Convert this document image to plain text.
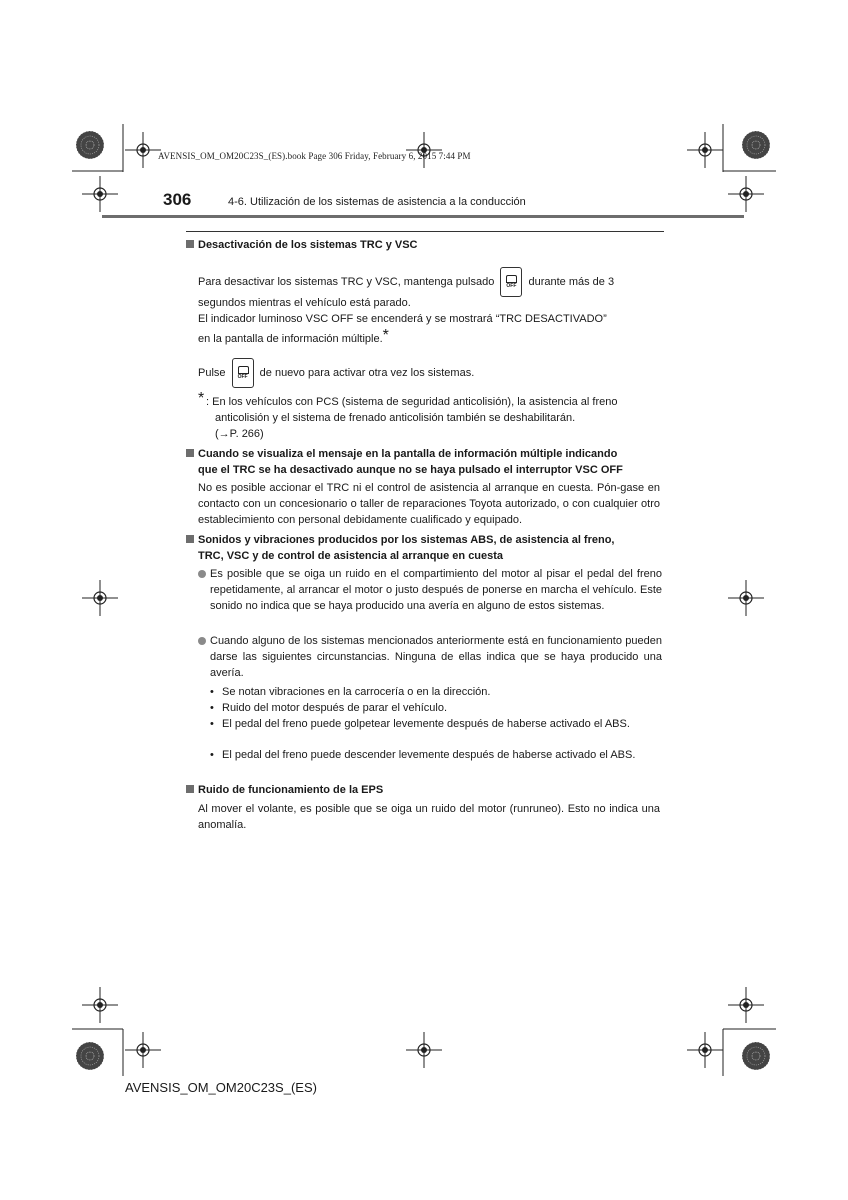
AVENSIS_OM_OM20C23S_(ES).book Page 306 Friday, February 6, 2015 7:44 PM
306	4-6. Utilización de los sistemas de asistencia a la conducción
Desactivación de los sistemas TRC y VSC
Para desactivar los sistemas TRC y VSC, mantenga pulsado	OFF durante más de 3
segundos mientras el vehículo está parado.
El indicador luminoso VSC OFF se encenderá y se mostrará “TRC DESACTIVADO”
en la pantalla de información múltiple.*
Pulse	OFF de nuevo para activar otra vez los sistemas.
* : En los vehículos con PCS (sistema de seguridad anticolisión), la asistencia al freno
anticolisión y el sistema de frenado anticolisión también se deshabilitarán.
(→P. 266)
Cuando se visualiza el mensaje en la pantalla de información múltiple indicando
que el TRC se ha desactivado aunque no se haya pulsado el interruptor VSC OFF
No es posible accionar el TRC ni el control de asistencia al arranque en cuesta. Pón-gase en contacto con un concesionario o taller de reparaciones Toyota autorizado, o con cualquier otro establecimiento con personal debidamente cualificado y equipado.
Sonidos y vibraciones producidos por los sistemas ABS, de asistencia al freno,
TRC, VSC y de control de asistencia al arranque en cuesta
Es posible que se oiga un ruido en el compartimiento del motor al pisar el pedal del freno repetidamente, al arrancar el motor o justo después de ponerse en marcha el vehículo. Este sonido no indica que se haya producido una avería en alguno de estos sistemas.
Cuando alguno de los sistemas mencionados anteriormente está en funcionamiento pueden darse las siguientes circunstancias. Ninguna de ellas indica que se haya producido una avería.
• Se notan vibraciones en la carrocería o en la dirección.
• Ruido del motor después de parar el vehículo.
• El pedal del freno puede golpetear levemente después de haberse activado el ABS.
• El pedal del freno puede descender levemente después de haberse activado el ABS.
Ruido de funcionamiento de la EPS
Al mover el volante, es posible que se oiga un ruido del motor (runruneo). Esto no indica una anomalía.
AVENSIS_OM_OM20C23S_(ES)
